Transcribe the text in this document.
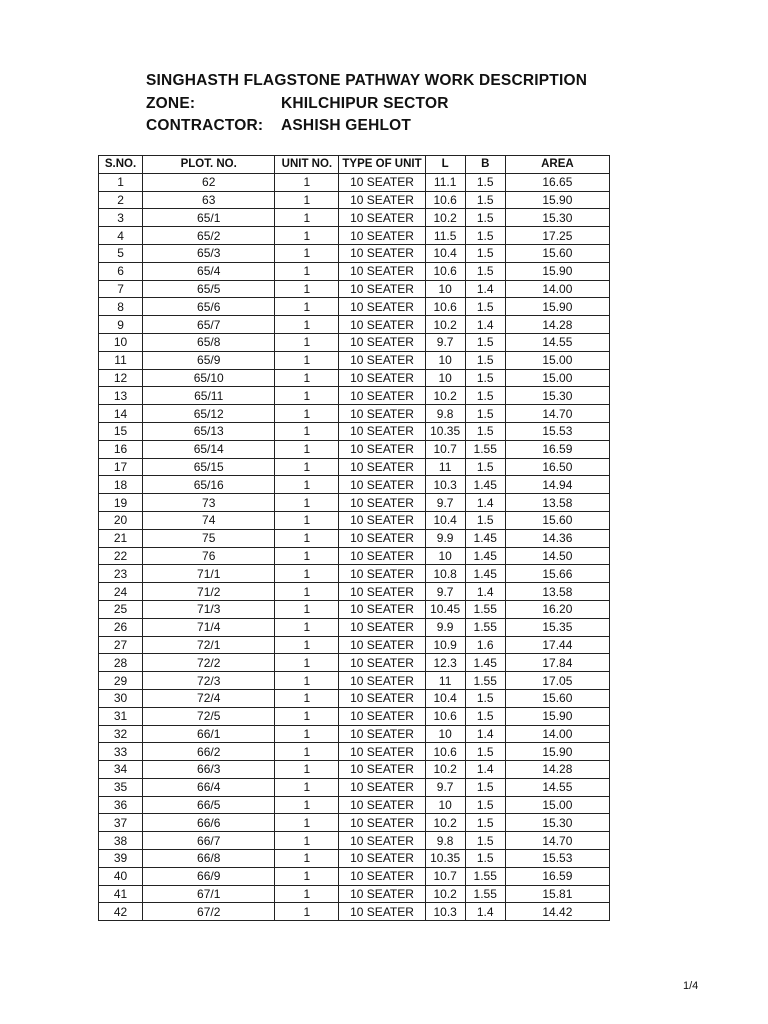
SINGHASTH FLAGSTONE PATHWAY WORK DESCRIPTION
ZONE:	KHILCHIPUR SECTOR
CONTRACTOR:	ASHISH GEHLOT
S.NO.	PLOT. NO.	UNIT NO.	TYPE OF UNIT	L	B	AREA
1	62	1	10 SEATER	11.1	1.5	16.65
2	63	1	10 SEATER	10.6	1.5	15.90
3	65/1	1	10 SEATER	10.2	1.5	15.30
4	65/2	1	10 SEATER	11.5	1.5	17.25
5	65/3	1	10 SEATER	10.4	1.5	15.60
6	65/4	1	10 SEATER	10.6	1.5	15.90
7	65/5	1	10 SEATER	10	1.4	14.00
8	65/6	1	10 SEATER	10.6	1.5	15.90
9	65/7	1	10 SEATER	10.2	1.4	14.28
10	65/8	1	10 SEATER	9.7	1.5	14.55
11	65/9	1	10 SEATER	10	1.5	15.00
12	65/10	1	10 SEATER	10	1.5	15.00
13	65/11	1	10 SEATER	10.2	1.5	15.30
14	65/12	1	10 SEATER	9.8	1.5	14.70
15	65/13	1	10 SEATER	10.35	1.5	15.53
16	65/14	1	10 SEATER	10.7	1.55	16.59
17	65/15	1	10 SEATER	11	1.5	16.50
18	65/16	1	10 SEATER	10.3	1.45	14.94
19	73	1	10 SEATER	9.7	1.4	13.58
20	74	1	10 SEATER	10.4	1.5	15.60
21	75	1	10 SEATER	9.9	1.45	14.36
22	76	1	10 SEATER	10	1.45	14.50
23	71/1	1	10 SEATER	10.8	1.45	15.66
24	71/2	1	10 SEATER	9.7	1.4	13.58
25	71/3	1	10 SEATER	10.45	1.55	16.20
26	71/4	1	10 SEATER	9.9	1.55	15.35
27	72/1	1	10 SEATER	10.9	1.6	17.44
28	72/2	1	10 SEATER	12.3	1.45	17.84
29	72/3	1	10 SEATER	11	1.55	17.05
30	72/4	1	10 SEATER	10.4	1.5	15.60
31	72/5	1	10 SEATER	10.6	1.5	15.90
32	66/1	1	10 SEATER	10	1.4	14.00
33	66/2	1	10 SEATER	10.6	1.5	15.90
34	66/3	1	10 SEATER	10.2	1.4	14.28
35	66/4	1	10 SEATER	9.7	1.5	14.55
36	66/5	1	10 SEATER	10	1.5	15.00
37	66/6	1	10 SEATER	10.2	1.5	15.30
38	66/7	1	10 SEATER	9.8	1.5	14.70
39	66/8	1	10 SEATER	10.35	1.5	15.53
40	66/9	1	10 SEATER	10.7	1.55	16.59
41	67/1	1	10 SEATER	10.2	1.55	15.81
42	67/2	1	10 SEATER	10.3	1.4	14.42
1/4
